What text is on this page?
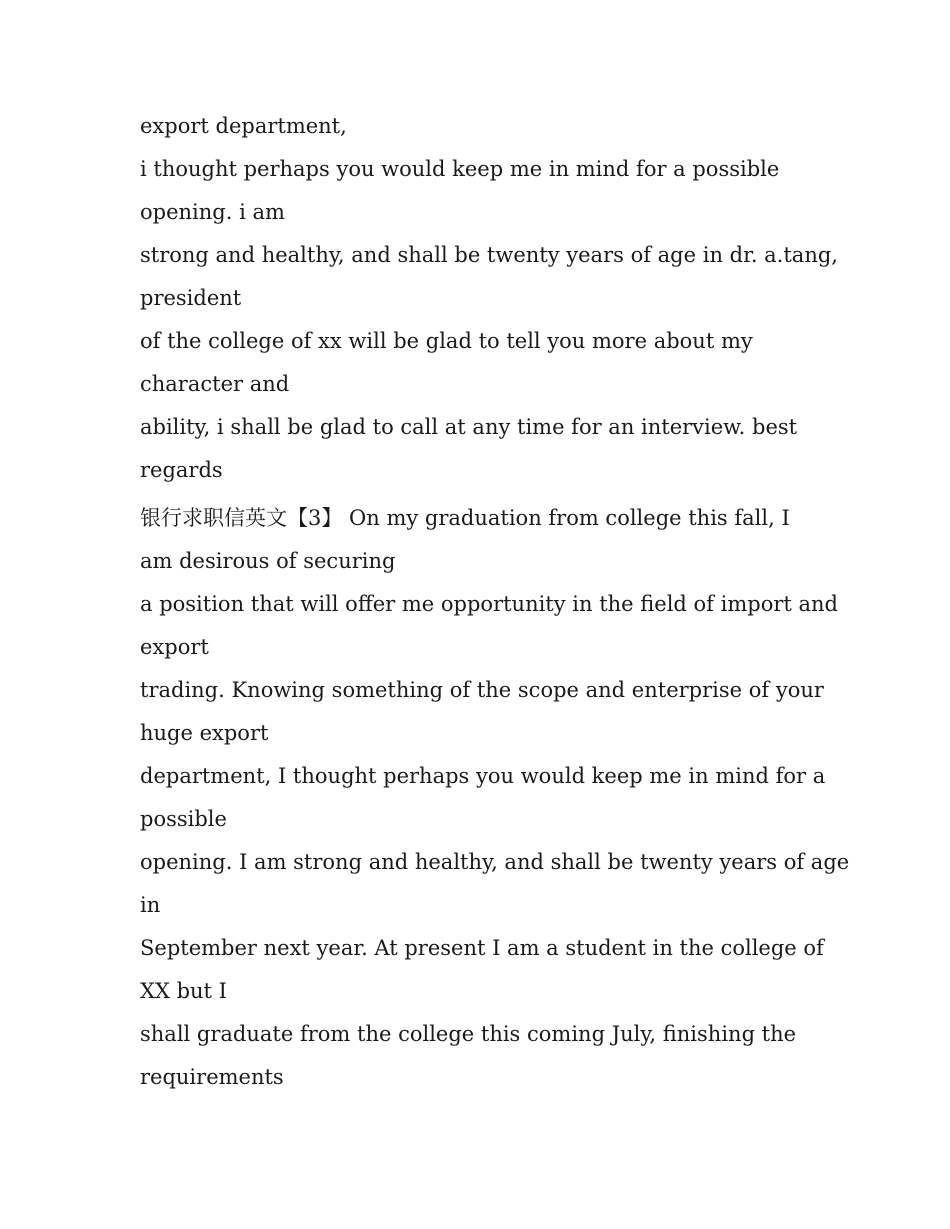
export department,
i thought perhaps you would keep me in mind for a possible
opening. i am
strong and healthy, and shall be twenty years of age in dr. a.tang,
president
of the college of xx will be glad to tell you more about my
character and
ability, i shall be glad to call at any time for an interview. best
regards
银行求职信英文【3】 On my graduation from college this fall, I
am desirous of securing
a position that will offer me opportunity in the field of import and
export
trading. Knowing something of the scope and enterprise of your
huge export
department, I thought perhaps you would keep me in mind for a
possible
opening. I am strong and healthy, and shall be twenty years of age
in
September next year. At present I am a student in the college of
XX but I
shall graduate from the college this coming July, finishing the
requirements
